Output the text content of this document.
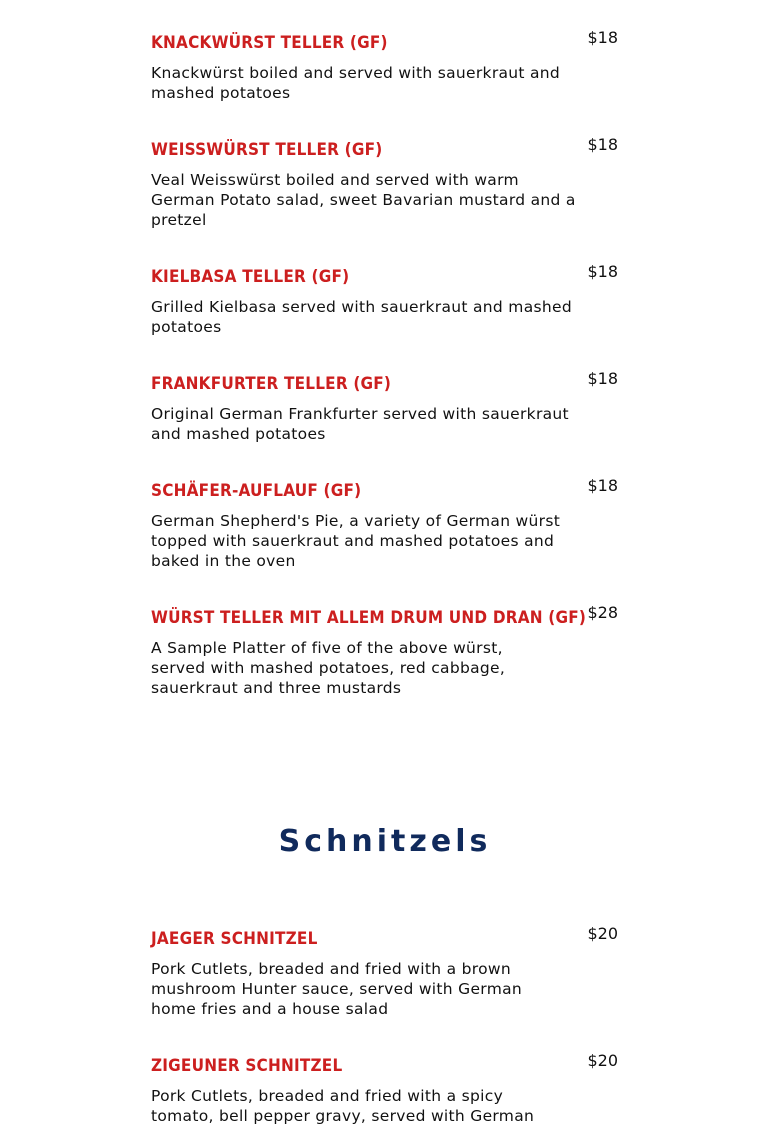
KNACKWÜRST TELLER (GF)	$18

Knackwürst boiled and served with sauerkraut and mashed potatoes

WEISSWÜRST TELLER (GF)	$18

Veal Weisswürst boiled and served with warm German Potato salad, sweet Bavarian mustard and a pretzel

KIELBASA TELLER (GF)	$18

Grilled Kielbasa served with sauerkraut and mashed potatoes

FRANKFURTER TELLER (GF)	$18

Original German Frankfurter served with sauerkraut and mashed potatoes

SCHÄFER-AUFLAUF (GF)	$18

German Shepherd's Pie, a variety of German würst topped with sauerkraut and mashed potatoes and baked in the oven

WÜRST TELLER MIT ALLEM DRUM UND DRAN (GF) $28

A Sample Platter of five of the above würst, served with mashed potatoes, red cabbage, sauerkraut and three mustards

Schnitzels
JAEGER SCHNITZEL	$20

Pork Cutlets, breaded and fried with a brown mushroom Hunter sauce, served with German home fries and a house salad

ZIGEUNER SCHNITZEL	$20

Pork Cutlets, breaded and fried with a spicy tomato, bell pepper gravy, served with German
